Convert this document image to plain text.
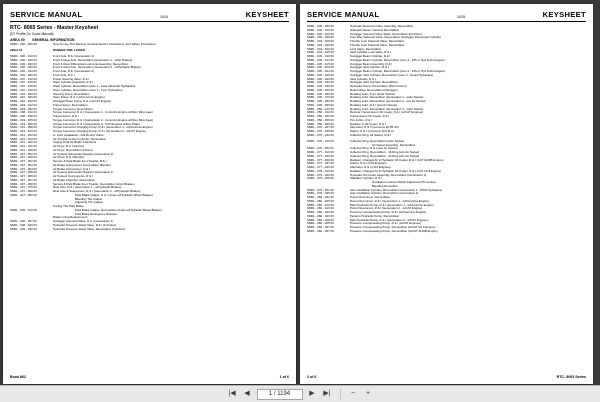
SERVICE MANUAL	1015	KEYSHEET
RTC- 8065 Series - Master Keysheet
(D7 Profile On Cover Manual)
AREA 00	GENERAL INFORMATION
SM00 - 000 - 000 00	How To Use This Manual, General Service Instructions, And Safety Procedures
AREA 01	RUBBER TIRE LOWER
SM01 - 020 - 010 00	Front Axle, R & I (Generation 1)
SM01 - 020 - 020 00	Front & Rear Axle, Recondition (Generation 1 - w/Air Brakes)
SM01 - 020 - 030 00	Front & Rear Differential Lock Axle Assembly, Recondition
SM01 - 000 - 020 00	Front & Rear Axle, Recondition (Generation 2 - w/Hydraulic Brakes)
SM01 - 020 - 040 00	Front Axle, R & I (Generation 2)
SM01 - 001 - 006 00	Front Axle, R & I
SM01 - 007 - 010 00	Power Steering Valve, R & I
SM01 - 007 - 015 00	Steer Cylinder Assembly, R & I
SM01 - 007 - 016 00	Wear Cylinder, Recondition (Gen 1 - Iowa Industrial Hydraulics)
SM01 - 007 - 019 00	Steer Cylinder, Recondition (Gen 2 - Tyco Hydraulics)
SM01 - 010 - 000 00	Steering Pump, Recondition
SM01 - 010 - 006 00	Steer Pump, R & I (w/Cummins Engine)
SM01 - 010 - 030 00	Outrigger/Steer Pump, R & I (w/CAT Engine)
SM01 - 019 - 012 00	Transmission, Recondition
SM01 - 019 - 030 00	Torque Converter, Recondition
SM01 - 038 - 010 00	Torque Converter, R & I (Generation 1 - Cummins Engine w/Fiber Ring Gear)
SM01 - 038 - 038 00	Transmission, R & I
SM01 - 019 - 005 00	Torque Converter, R & I (Generation 2 - Cummins Engine w/Fiber Ring Gear)
SM01 - 019 - 006 00	Torque Converter, R & I (Generation 3 - CAT Engines w/Flex Plate)
SM01 - 021 - 008 00	Torque Converter Charging Pump, R & I (Generation 1 - w/Cummins Engine)
SM01 - 019 - 010 00	Torque Converter Charging Pump, R & I (Generation 2 - w/CAT Engine)
SM01 - 021 - 020 00	U- Joint Installation - Full Round Yokes
SM01 - 021 - 020 00	Air Throttle Control Cylinder, Recondition
SM01 - 021 - 020 00	Caging Dual Air Brake Chambers
SM01 - 021 - 021 00	Air Dryer, R & I (Norton)
SM01 - 021 - 028 00	Air Dryer, Recondition (Holset)
SM01 - 027 - 050 00	Air System Schematic Diagram (Generation 2)
SM01 - 027 - 060 00	Air Dryer, R & I (Bendix)
SM01 - 027 - 062 00	Service & Park Brake Foot Treadle, R & I
SM01 - 027 - 063 00	Air Brake Compressor, Recondition (Bendix)
SM01 - 027 - 064 00	Air Brake Compressor, R & I
SM01 - 027 - 065 00	Air System Schematic Diagram (Generation 1)
SM01 - 027 - 066 00	Air System Components, R & I
SM01 - 027 - 067 00	Air Brake Chamber, Recondition
SM01 - 027 - 068 00	Service & Park Brake Foot Treadle, Recondition (w/Air Brakes)
SM01 - 027 - 070 00	Rear Axle, R & I (Generation 1 - w/Hydraulic Brakes)
SM01 - 027 - 080 00	Rear Axle & Suspension, R & I (Generation 2 - w/Hydraulic Brakes)
SM01 - 027 - 090 00	Park Brake Caliper, R & I (Axles w/Hydraulic Wheel Brakes)
Bleeding The Caliper
Adjusting The Caliper
Testing The Park Brake
SM01 - 030 - 010 00	Park Brake Caliper, Recondition (Axles w/Hydraulic Wheel Brakes)
Park Brake Emergency Release
Brake Lining Replacement
SM01 - 036 - 037 00	Outrigger Solenoid Valve, R & I (Generation 1)
SM01 - 038 - 020 00	Hydraulic Pressure Relief Valve, R & I (Function)
SM01 - 039 - 030 00	Hydraulic Pressure Relief Valve, Recondition (Function)
Book 862	1 of 6
SERVICE MANUAL	1015	KEYSHEET
SM01 - 039 - 055 00	Hydraulic Reservoir Filter Assembly, Recondition
SM01 - 040 - 010 00	Solenoid Valves, General Recondition
SM01 - 040 - 020 00	Outrigger Solenoid Valve Stack, Recondition (Function)
SM01 - 040 - 030 00	Four Way Solenoid Valve, Recondition (Outrigger Directional Cylinder)
SM01 - 043 - 028 00	Throttle Lock Solenoid Valve, Recondition
SM01 - 043 - 035 00	Throttle Lock Solenoid Valve, Recondition
SM01 - 044 - 100 00	Lock Valve, Recondition
SM01 - 044 - 105 00	Jack Cylinder Lock Valve, R & I
SM01 - 045 - 010 00	Outrigger Beam Cylinder, R & I
SM01 - 045 - 014 00	Outrigger Beam Cylinder, Recondition (Gen 1 - 225 or Hyd Technologies)
SM01 - 045 - 015 00	Outrigger Beam Assembly, R & I
SM01 - 045 - 020 00	Outrigger Jack Cylinder, R & I
SM01 - 045 - 024 00	Outrigger Beam Cylinder, Recondition (Gen 2 - 225 or Hyd Technologies)
SM01 - 045 - 025 00	Outrigger Jack Cylinder, Recondition (Gen 3 - Texas Hydraulics)
SM01 - 045 - 029 00	Jack Cylinder, R & I
SM01 - 045 - 033 00	Outrigger Jack Cylinder, Recondition
SM01 - 045 - 035 00	Hydraulic Pump, Recondition (Pilot Control)
SM01 - 045 - 040 00	Relief Valve, Recondition (Outrigger)
SM01 - 045 - 060 00	Rotating Joint, R & I (w/Air Swivel)
SM01 - 045 - 070 00	Rotating Joint, Recondition (Generation 1 - w/Air Swivel)
SM01 - 045 - 080 00	Rotating Joint, Recondition (Generation 2 - w/o Air Swivel)
SM01 - 045 - 090 00	Rotating Joint, R & I (w/o Air Swivel)
SM01 - 050 - 010 00	Rotating Joint, Recondition (Generation 3 - w/Air Swivel)
SM01 - 050 - 012 00	Remote Transmission Oil Cooler, R & I (w/CAT Engines)
SM01 - 050 - 022 00	Transmission Oil Cooler, R & I
SM01 - 050 - 055 00	Tire & Rim, R & I
SM01 - 050 - 060 00	Radiator & Oil Cooler, R & I
SM01 - 070 - 027 00	Alternator, R & I (Cummins 6CTB 3C)
SM01 - 075 - 028 00	Starter, R & I (Cummins 6CT B C)
SM01 - 075 - 030 00	Collector Ring, Air Swivel, R & I
SM01 - 076 - 019 00	Collector Ring, Recondition (w/Air Swivel)
Air Swivel Assembly, Recondition
SM01 - 076 - 050 00	Collector Ring, R & I (w/o Air Swivel)
SM01 - 077 - 010 00	Collector Ring, Recondition - 46 Ring (w/o Air Swivel)
SM01 - 077 - 020 00	Collector Ring, Recondition - 44 Ring (w/o Air Swivel)
SM01 - 077 - 030 00	Radiator, Charged Air & Hydraulic Oil Cooler, R & I (CAT 3126B Engine)
SM01 - 077 - 037 00	Starter, R & I (CAT Engines)
SM01 - 077 - 040 00	Alternator, R & I (CAT Engines)
SM01 - 079 - 010 00	Radiator, Charged Air & Hydraulic Oil Cooler, R & I (CAT C6.6 Engine)
SM01 - 079 - 020 00	Hydraulic Oil Cooler Assembly, Recondition (Generation 1)
SM01 - 079 - 025 00	Stabilizer Cylinder, R & I
Oscillation Lockout Switch Adjustment Procedure
Bleeding Procedure
SM01 - 079 - 031 00	Axle Oscillation Cylinder, Recondition (Generation 1 - HDM Hydraulics)
SM01 - 079 - 035 00	Axle Oscillation Cylinder, Recondition (Generation 2)
SM01 - 082 - 002 00	Pump Disconnect, Recondition
SM01 - 082 - 005 00	Pump Disconnect, R & I (Generation 1 - w/Cummins Engine)
SM01 - 082 - 010 00	Main Hydraulic Pump, R & I (Generation 1 - w/Cummins Engine)
SM01 - 082 - 016 00	Pump Disconnect, R & I (Generation 2 - w/CAT Engine)
SM01 - 082 - 022 00	Pressure Compensating Pump, R & I (w/Cummins Engine)
SM01 - 082 - 026 00	Tandem Hydraulic Pump, Recondition
SM01 - 082 - 048 00	Main Hydraulic Pump, R & I (Generation 2 - w/CAT Engines)
SM01 - 082 - 065 00	Pressure Compensating Pump, R & I (w/CAT Engines)
SM01 - 082 - 067 00	Pressure Compensating Pump, Recondition (w/CAT C6.6 Engine)
SM01 - 082 - 067 00	Pressure Compensating Pump, Recondition (w/CAT 3126B Engine)
2 of 6	RTC- 8065 Series
|◀	◀	1 / 1194	▶	▶|	−	+
